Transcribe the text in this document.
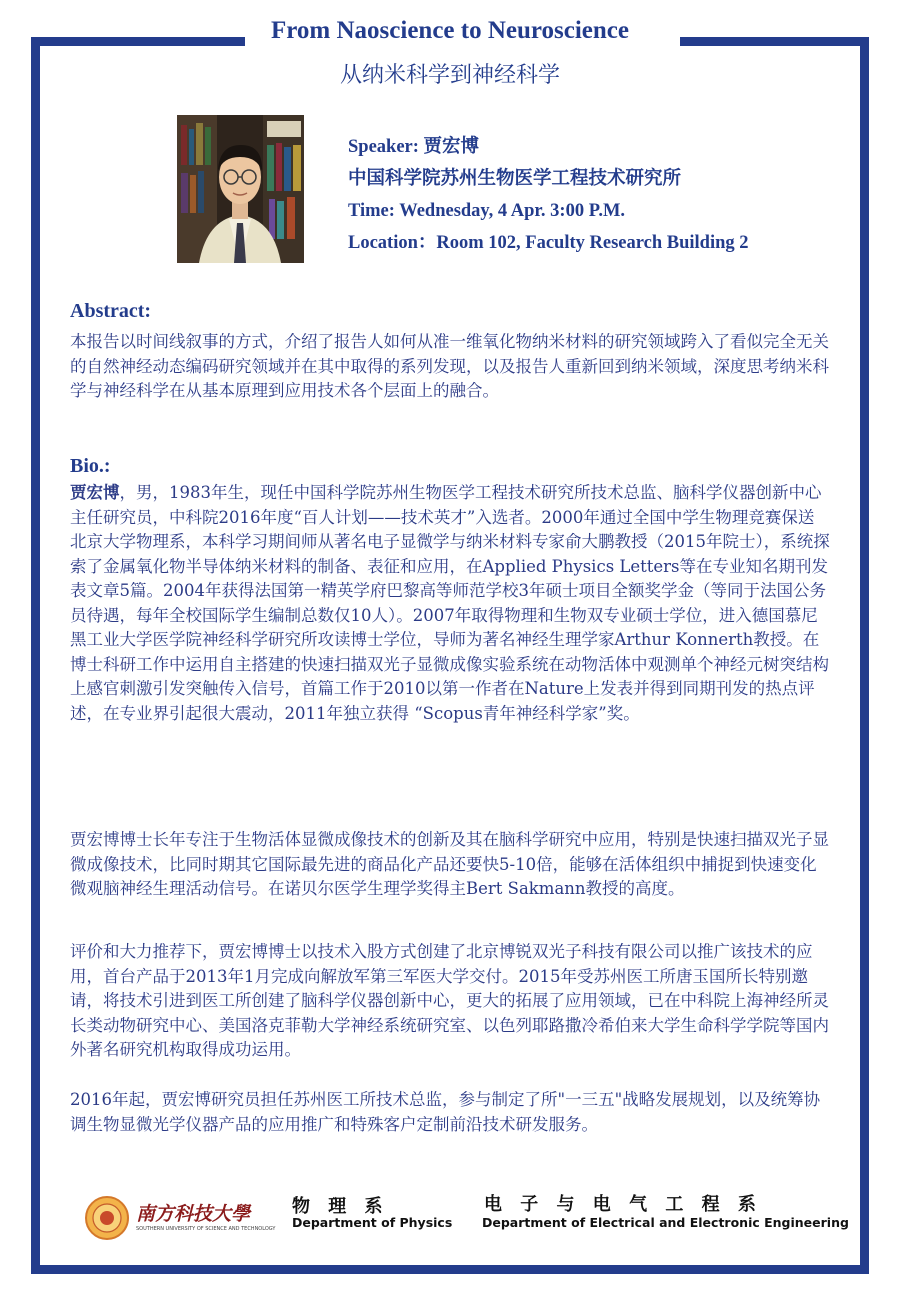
From Naoscience to Neuroscience
从纳米科学到神经科学
Speaker: 贾宏博
中国科学院苏州生物医学工程技术研究所
Time: Wednesday, 4 Apr. 3:00 P.M.
Location：Room 102, Faculty Research Building 2
Abstract:

本报告以时间线叙事的方式，介绍了报告人如何从准一维氧化物纳米材料的研究领域跨入了看似完全无关的自然神经动态编码研究领域并在其中取得的系列发现，以及报告人重新回到纳米领域，深度思考纳米科学与神经科学在从基本原理到应用技术各个层面上的融合。

Bio.:

贾宏博，男，1983年生，现任中国科学院苏州生物医学工程技术研究所技术总监、脑科学仪器创新中心主任研究员，中科院2016年度“百人计划——技术英才”入选者。2000年通过全国中学生物理竞赛保送北京大学物理系，本科学习期间师从著名电子显微学与纳米材料专家俞大鹏教授（2015年院士），系统探索了金属氧化物半导体纳米材料的制备、表征和应用，在Applied Physics Letters等在专业知名期刊发表文章5篇。2004年获得法国第一精英学府巴黎高等师范学校3年硕士项目全额奖学金（等同于法国公务员待遇，每年全校国际学生编制总数仅10人）。2007年取得物理和生物双专业硕士学位，进入德国慕尼黑工业大学医学院神经科学研究所攻读博士学位，导师为著名神经生理学家Arthur Konnerth教授。在博士科研工作中运用自主搭建的快速扫描双光子显微成像实验系统在动物活体中观测单个神经元树突结构上感官刺激引发突触传入信号，首篇工作于2010以第一作者在Nature上发表并得到同期刊发的热点评述，在专业界引起很大震动，2011年独立获得 “Scopus青年神经科学家”奖。

贾宏博博士长年专注于生物活体显微成像技术的创新及其在脑科学研究中应用，特别是快速扫描双光子显微成像技术，比同时期其它国际最先进的商品化产品还要快5-10倍，能够在活体组织中捕捉到快速变化微观脑神经生理活动信号。在诺贝尔医学生理学奖得主Bert Sakmann教授的高度。

评价和大力推荐下，贾宏博博士以技术入股方式创建了北京博锐双光子科技有限公司以推广该技术的应用，首台产品于2013年1月完成向解放军第三军医大学交付。2015年受苏州医工所唐玉国所长特别邀请，将技术引进到医工所创建了脑科学仪器创新中心，更大的拓展了应用领域，已在中科院上海神经所灵长类动物研究中心、美国洛克菲勒大学神经系统研究室、以色列耶路撒冷希伯来大学生命科学学院等国内外著名研究机构取得成功运用。

2016年起，贾宏博研究员担任苏州医工所技术总监，参与制定了所"一三五"战略发展规划，以及统筹协调生物显微光学仪器产品的应用推广和特殊客户定制前沿技术研发服务。

南方科技大學
SOUTHERN UNIVERSITY OF SCIENCE AND TECHNOLOGY
物 理 系
Department of Physics
电 子 与 电 气 工 程 系
Department of Electrical and Electronic Engineering
